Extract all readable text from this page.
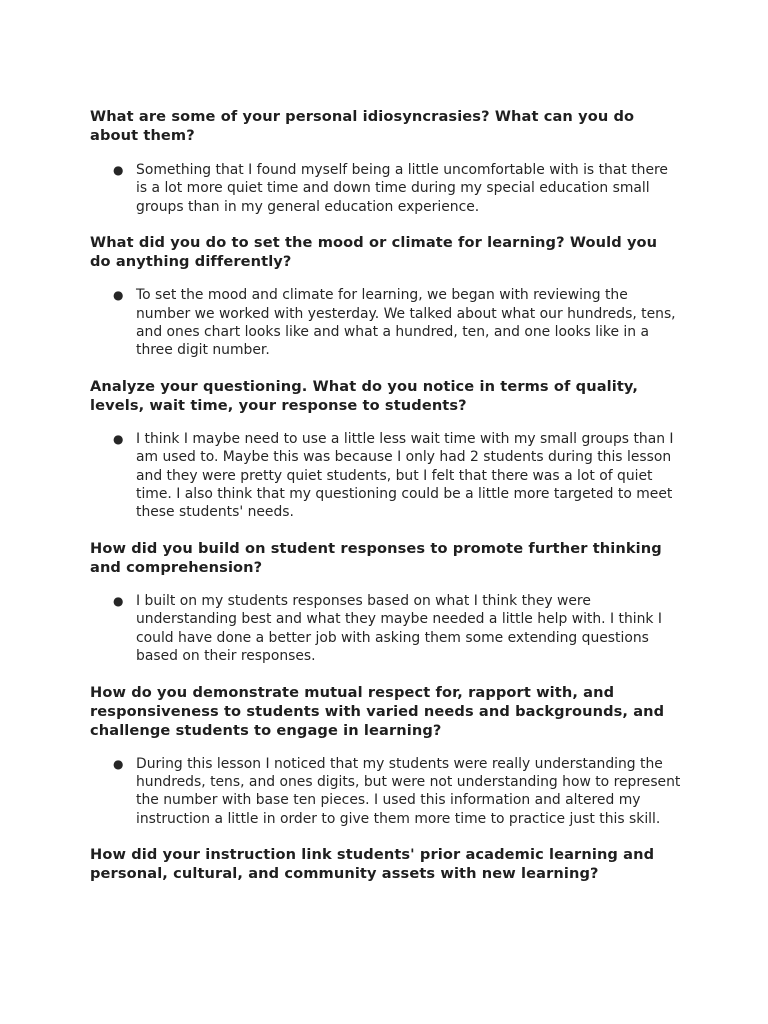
What are some of your personal idiosyncrasies? What can you do about them?

● Something that I found myself being a little uncomfortable with is that there is a lot more quiet time and down time during my special education small groups than in my general education experience.

What did you do to set the mood or climate for learning? Would you do anything differently?

● To set the mood and climate for learning, we began with reviewing the number we worked with yesterday. We talked about what our hundreds, tens, and ones chart looks like and what a hundred, ten, and one looks like in a three digit number.

Analyze your questioning. What do you notice in terms of quality, levels, wait time, your response to students?

● I think I maybe need to use a little less wait time with my small groups than I am used to. Maybe this was because I only had 2 students during this lesson and they were pretty quiet students, but I felt that there was a lot of quiet time. I also think that my questioning could be a little more targeted to meet these students' needs.

How did you build on student responses to promote further thinking and comprehension?

● I built on my students responses based on what I think they were understanding best and what they maybe needed a little help with. I think I could have done a better job with asking them some extending questions based on their responses.

How do you demonstrate mutual respect for, rapport with, and responsiveness to students with varied needs and backgrounds, and challenge students to engage in learning?

● During this lesson I noticed that my students were really understanding the hundreds, tens, and ones digits, but were not understanding how to represent the number with base ten pieces. I used this information and altered my instruction a little in order to give them more time to practice just this skill.

How did your instruction link students' prior academic learning and personal, cultural, and community assets with new learning?
